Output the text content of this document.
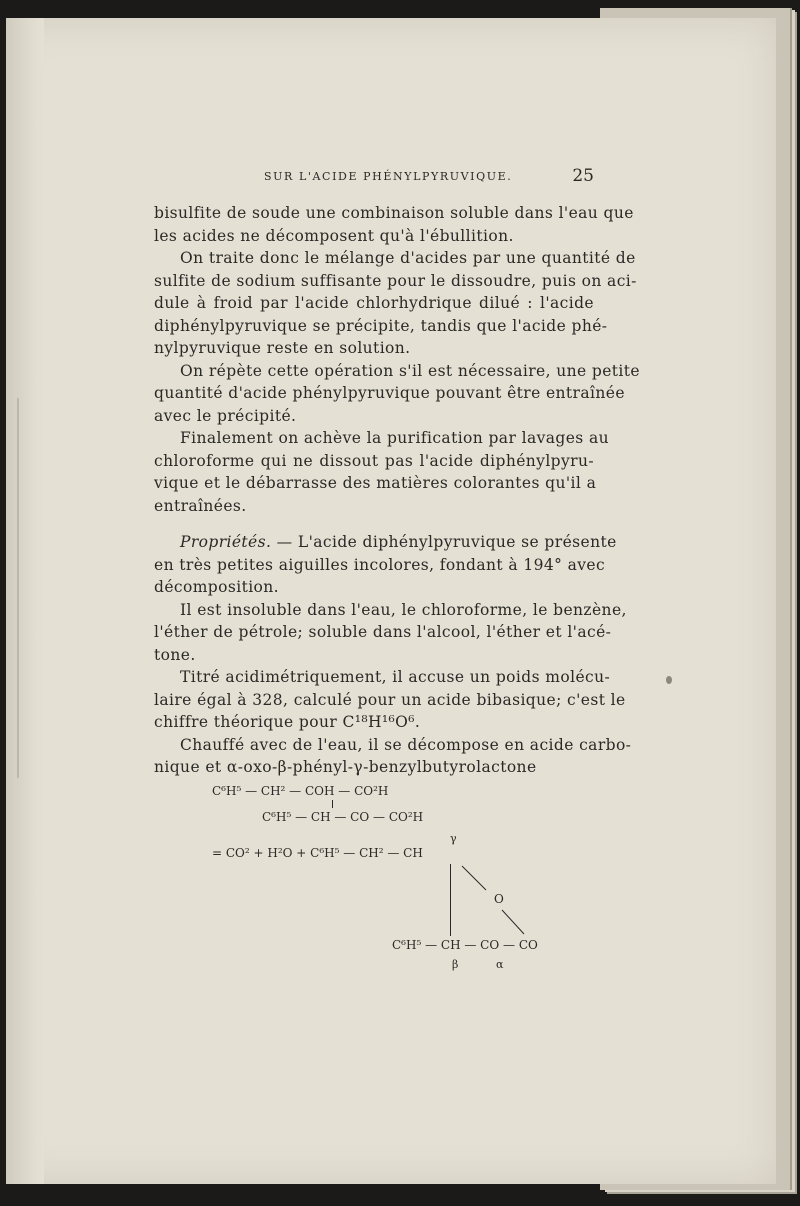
SUR L'ACIDE PHÉNYLPYRUVIQUE.	25

bisulfite de soude une combinaison soluble dans l'eau que
les acides ne décomposent qu'à l'ébullition.

On traite donc le mélange d'acides par une quantité de
sulfite de sodium suffisante pour le dissoudre, puis on aci-
dule à froid par l'acide chlorhydrique dilué : l'acide
diphénylpyruvique se précipite, tandis que l'acide phé-
nylpyruvique reste en solution.

On répète cette opération s'il est nécessaire, une petite
quantité d'acide phénylpyruvique pouvant être entraînée
avec le précipité.

Finalement on achève la purification par lavages au
chloroforme qui ne dissout pas l'acide diphénylpyru-
vique et le débarrasse des matières colorantes qu'il a
entraînées.

Propriétés. — L'acide diphénylpyruvique se présente
en très petites aiguilles incolores, fondant à 194° avec
décomposition.

Il est insoluble dans l'eau, le chloroforme, le benzène,
l'éther de pétrole; soluble dans l'alcool, l'éther et l'acé-
tone.

Titré acidimétriquement, il accuse un poids molécu-
laire égal à 328, calculé pour un acide bibasique; c'est le
chiffre théorique pour C¹⁸H¹⁶O⁶.

Chauffé avec de l'eau, il se décompose en acide carbo-
nique et α-oxo-β-phényl-γ-benzylbutyrolactone

C⁶H⁵ — CH² — COH — CO²H
C⁶H⁵ — CH — CO — CO²H
γ
= CO² + H²O + C⁶H⁵ — CH² — CH
O
C⁶H⁵ — CH — CO — CO
β	α
